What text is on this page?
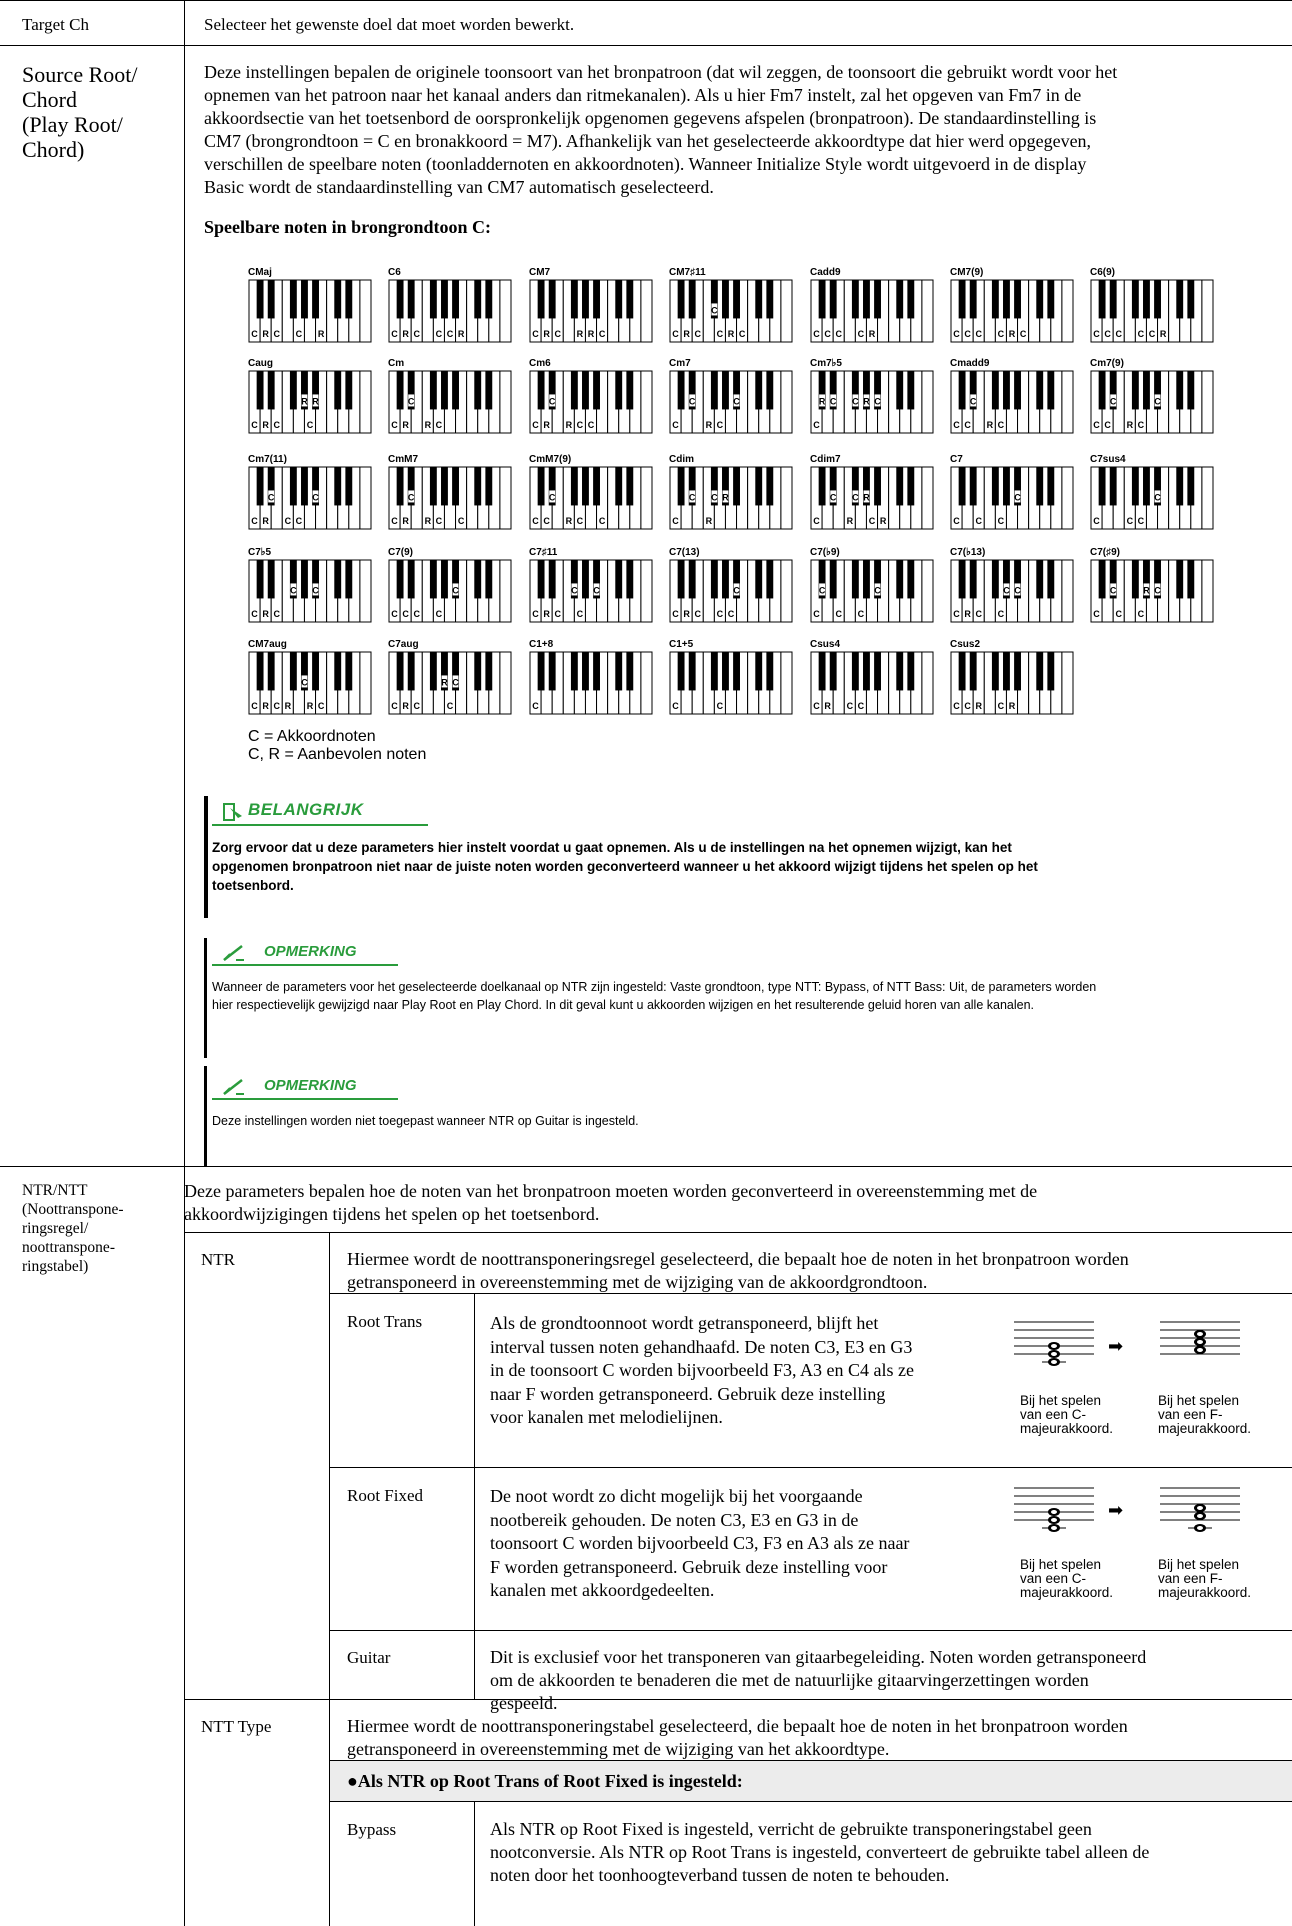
Target Ch	Selecteer het gewenste doel dat moet worden bewerkt.
Source Root/
Chord
(Play Root/
Chord)
Deze instellingen bepalen de originele toonsoort van het bronpatroon (dat wil zeggen, de toonsoort die gebruikt wordt voor het
opnemen van het patroon naar het kanaal anders dan ritmekanalen). Als u hier Fm7 instelt, zal het opgeven van Fm7 in de
akkoordsectie van het toetsenbord de oorspronkelijk opgenomen gegevens afspelen (bronpatroon). De standaardinstelling is
CM7 (brongrondtoon = C en bronakkoord = M7). Afhankelijk van het geselecteerde akkoordtype dat hier werd opgegeven,
verschillen de speelbare noten (toonladdernoten en akkoordnoten). Wanneer Initialize Style wordt uitgevoerd in de display
Basic wordt de standaardinstelling van CM7 automatisch geselecteerd.
Speelbare noten in brongrondtoon C:
CMaj
C R C C R
C6
C R C C C R
CM7
C R C R R C
CM7♯11
C R C C R C
C
Cadd9
C C C C R
CM7(9)
C C C C R C
C6(9)
C C C C C R
Caug
C R C	C
R R
Cm
C R R C
C
Cm6
C R R C C
C
Cm7
C	R C
C	C
Cm7♭5
C
R C C R C
Cmadd9
C C R C
C
Cm7(9)
C C R C
C	C
Cm7(11)
C R C C
C	C
CmM7
C R R C C
C
CmM7(9)
C C R C C
C
Cdim
C	R
C C R
Cdim7
C	R C R
C C R
C7
C C C
C
C7sus4
C	C C
C
C7♭5
C R C
C C
C7(9)
C C C C
C
C7♯11
C R C C
C C
C7(13)
C R C C C
C
C7(♭9)
C C C
C	C
C7(♭13)
C R C C
C C
C7(♯9)
C C C
C	R C
CM7aug
C R C R R C
C
C7aug
C R C	C
R C
C1+8
C
C1+5
C	C
Csus4
C R C C
Csus2
C C R C R
C = Akkoordnoten
C, R = Aanbevolen noten
BELANGRIJK
Zorg ervoor dat u deze parameters hier instelt voordat u gaat opnemen. Als u de instellingen na het opnemen wijzigt, kan het
opgenomen bronpatroon niet naar de juiste noten worden geconverteerd wanneer u het akkoord wijzigt tijdens het spelen op het
toetsenbord.
OPMERKING
Wanneer de parameters voor het geselecteerde doelkanaal op NTR zijn ingesteld: Vaste grondtoon, type NTT: Bypass, of NTT Bass: Uit, de parameters worden
hier respectievelijk gewijzigd naar Play Root en Play Chord. In dit geval kunt u akkoorden wijzigen en het resulterende geluid horen van alle kanalen.
OPMERKING
Deze instellingen worden niet toegepast wanneer NTR op Guitar is ingesteld.
NTR/NTT
(Noottranspone-
ringsregel/
noottranspone-
ringstabel)
Deze parameters bepalen hoe de noten van het bronpatroon moeten worden geconverteerd in overeenstemming met de
akkoordwijzigingen tijdens het spelen op het toetsenbord.
NTR	Hiermee wordt de noottransponeringsregel geselecteerd, die bepaalt hoe de noten in het bronpatroon worden
getransponeerd in overeenstemming met de wijziging van de akkoordgrondtoon.
Root Trans	Als de grondtoonnoot wordt getransponeerd, blijft het
interval tussen noten gehandhaafd. De noten C3, E3 en G3
in de toonsoort C worden bijvoorbeeld F3, A3 en C4 als ze
naar F worden getransponeerd. Gebruik deze instelling
voor kanalen met melodielijnen.
➡
Bij het spelen
van een C-
majeurakkoord.
Bij het spelen
van een F-
majeurakkoord.
Root Fixed	De noot wordt zo dicht mogelijk bij het voorgaande
nootbereik gehouden. De noten C3, E3 en G3 in de
toonsoort C worden bijvoorbeeld C3, F3 en A3 als ze naar
F worden getransponeerd. Gebruik deze instelling voor
kanalen met akkoordgedeelten.
➡
Bij het spelen
van een C-
majeurakkoord.
Bij het spelen
van een F-
majeurakkoord.
Guitar	Dit is exclusief voor het transponeren van gitaarbegeleiding. Noten worden getransponeerd
om de akkoorden te benaderen die met de natuurlijke gitaarvingerzettingen worden
gespeeld.
NTT Type	Hiermee wordt de noottransponeringstabel geselecteerd, die bepaalt hoe de noten in het bronpatroon worden
getransponeerd in overeenstemming met de wijziging van het akkoordtype.
●Als NTR op Root Trans of Root Fixed is ingesteld:
Bypass	Als NTR op Root Fixed is ingesteld, verricht de gebruikte transponeringstabel geen
nootconversie. Als NTR op Root Trans is ingesteld, converteert de gebruikte tabel alleen de
noten door het toonhoogteverband tussen de noten te behouden.
